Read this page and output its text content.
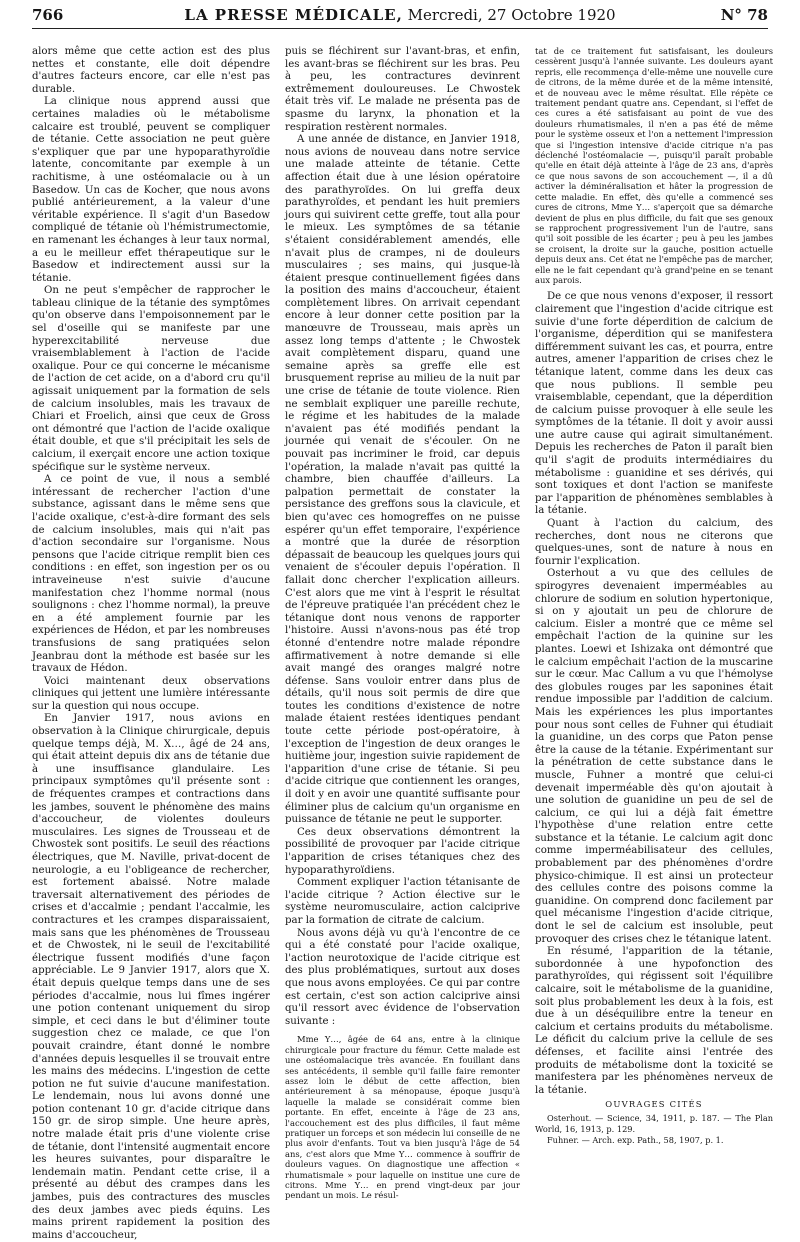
766	LA PRESSE MÉDICALE, Mercredi, 27 Octobre 1920	N° 78

alors même que cette action est des plus nettes et constante, elle doit dépendre d'autres facteurs encore, car elle n'est pas durable.

La clinique nous apprend aussi que certaines maladies où le métabolisme calcaire est troublé, peuvent se compliquer de tétanie. Cette association ne peut guère s'expliquer que par une hypoparathyroïdie latente, concomitante par exemple à un rachitisme, à une ostéomalacie ou à un Basedow. Un cas de Kocher, que nous avons publié antérieurement, a la valeur d'une véritable expérience. Il s'agit d'un Basedow compliqué de tétanie où l'hémistrumectomie, en ramenant les échanges à leur taux normal, a eu le meilleur effet thérapeutique sur le Basedow et indirectement aussi sur la tétanie.

On ne peut s'empêcher de rapprocher le tableau clinique de la tétanie des symptômes qu'on observe dans l'empoisonnement par le sel d'oseille qui se manifeste par une hyperexcitabilité nerveuse due vraisemblablement à l'action de l'acide oxalique. Pour ce qui concerne le mécanisme de l'action de cet acide, on a d'abord cru qu'il agissait uniquement par la formation de sels de calcium insolubles, mais les travaux de Chiari et Froelich, ainsi que ceux de Gross ont démontré que l'action de l'acide oxalique était double, et que s'il précipitait les sels de calcium, il exerçait encore une action toxique spécifique sur le système nerveux.

A ce point de vue, il nous a semblé intéressant de rechercher l'action d'une substance, agissant dans le même sens que l'acide oxalique, c'est-à-dire formant des sels de calcium insolubles, mais qui n'ait pas d'action secondaire sur l'organisme. Nous pensons que l'acide citrique remplit bien ces conditions : en effet, son ingestion per os ou intraveineuse n'est suivie d'aucune manifestation chez l'homme normal (nous soulignons : chez l'homme normal), la preuve en a été amplement fournie par les expériences de Hédon, et par les nombreuses transfusions de sang pratiquées selon Jeanbrau dont la méthode est basée sur les travaux de Hédon.

Voici maintenant deux observations cliniques qui jettent une lumière intéressante sur la question qui nous occupe.

En Janvier 1917, nous avions en observation à la Clinique chirurgicale, depuis quelque temps déjà, M. X…, âgé de 24 ans, qui était atteint depuis dix ans de tétanie due à une insuffisance glandulaire. Les principaux symptômes qu'il présente sont : de fréquentes crampes et contractions dans les jambes, souvent le phénomène des mains d'accoucheur, de violentes douleurs musculaires. Les signes de Trousseau et de Chwostek sont positifs. Le seuil des réactions électriques, que M. Naville, privat-docent de neurologie, a eu l'obligeance de rechercher, est fortement abaissé. Notre malade traversait alternativement des périodes de crises et d'accalmie ; pendant l'accalmie, les contractures et les crampes disparaissaient, mais sans que les phénomènes de Trousseau et de Chwostek, ni le seuil de l'excitabilité électrique fussent modifiés d'une façon appréciable. Le 9 Janvier 1917, alors que X. était depuis quelque temps dans une de ses périodes d'accalmie, nous lui fîmes ingérer une potion contenant uniquement du sirop simple, et ceci dans le but d'éliminer toute suggestion chez ce malade, ce que l'on pouvait craindre, étant donné le nombre d'années depuis lesquelles il se trouvait entre les mains des médecins. L'ingestion de cette potion ne fut suivie d'aucune manifestation. Le lendemain, nous lui avons donné une potion contenant 10 gr. d'acide citrique dans 150 gr. de sirop simple. Une heure après, notre malade était pris d'une violente crise de tétanie, dont l'intensité augmentait encore les heures suivantes, pour disparaître le lendemain matin. Pendant cette crise, il a présenté au début des crampes dans les jambes, puis des contractures des muscles des deux jambes avec pieds équins. Les mains prirent rapidement la position des mains d'accoucheur,

puis se fléchirent sur l'avant-bras, et enfin, les avant-bras se fléchirent sur les bras. Peu à peu, les contractures devinrent extrêmement douloureuses. Le Chwostek était très vif. Le malade ne présenta pas de spasme du larynx, la phonation et la respiration restèrent normales.

A une année de distance, en Janvier 1918, nous avions de nouveau dans notre service une malade atteinte de tétanie. Cette affection était due à une lésion opératoire des parathyroïdes. On lui greffa deux parathyroïdes, et pendant les huit premiers jours qui suivirent cette greffe, tout alla pour le mieux. Les symptômes de sa tétanie s'étaient considérablement amendés, elle n'avait plus de crampes, ni de douleurs musculaires ; ses mains, qui jusque-là étaient presque continuellement figées dans la position des mains d'accoucheur, étaient complètement libres. On arrivait cependant encore à leur donner cette position par la manœuvre de Trousseau, mais après un assez long temps d'attente ; le Chwostek avait complètement disparu, quand une semaine après sa greffe elle est brusquement reprise au milieu de la nuit par une crise de tétanie de toute violence. Rien ne semblait expliquer une pareille rechute, le régime et les habitudes de la malade n'avaient pas été modifiés pendant la journée qui venait de s'écouler. On ne pouvait pas incriminer le froid, car depuis l'opération, la malade n'avait pas quitté la chambre, bien chauffée d'ailleurs. La palpation permettait de constater la persistance des greffons sous la clavicule, et bien qu'avec ces homogreffes on ne puisse espérer qu'un effet temporaire, l'expérience a montré que la durée de résorption dépassait de beaucoup les quelques jours qui venaient de s'écouler depuis l'opération. Il fallait donc chercher l'explication ailleurs. C'est alors que me vint à l'esprit le résultat de l'épreuve pratiquée l'an précédent chez le tétanique dont nous venons de rapporter l'histoire. Aussi n'avons-nous pas été trop étonné d'entendre notre malade répondre affirmativement à notre demande si elle avait mangé des oranges malgré notre défense. Sans vouloir entrer dans plus de détails, qu'il nous soit permis de dire que toutes les conditions d'existence de notre malade étaient restées identiques pendant toute cette période post-opératoire, à l'exception de l'ingestion de deux oranges le huitième jour, ingestion suivie rapidement de l'apparition d'une crise de tétanie. Si peu d'acide citrique que contiennent les oranges, il doit y en avoir une quantité suffisante pour éliminer plus de calcium qu'un organisme en puissance de tétanie ne peut le supporter.

Ces deux observations démontrent la possibilité de provoquer par l'acide citrique l'apparition de crises tétaniques chez des hypoparathyroïdiens.

Comment expliquer l'action tétanisante de l'acide citrique ? Action élective sur le système neuromusculaire, action calciprive par la formation de citrate de calcium.

Nous avons déjà vu qu'à l'encontre de ce qui a été constaté pour l'acide oxalique, l'action neurotoxique de l'acide citrique est des plus problématiques, surtout aux doses que nous avons employées. Ce qui par contre est certain, c'est son action calciprive ainsi qu'il ressort avec évidence de l'observation suivante :

Mme Y…, âgée de 64 ans, entre à la clinique chirurgicale pour fracture du fémur. Cette malade est une ostéomalacique très avancée. En fouillant dans ses antécédents, il semble qu'il faille faire remonter assez loin le début de cette affection, bien antérieurement à sa ménopause, époque jusqu'à laquelle la malade se considérait comme bien portante. En effet, enceinte à l'âge de 23 ans, l'accouchement est des plus difficiles, il faut même pratiquer un forceps et son médecin lui conseille de ne plus avoir d'enfants. Tout va bien jusqu'à l'âge de 54 ans, c'est alors que Mme Y… commence à souffrir de douleurs vagues. On diagnostique une affection « rhumatismale » pour laquelle on institue une cure de citrons. Mme Y… en prend vingt-deux par jour pendant un mois. Le résul-

tat de ce traitement fut satisfaisant, les douleurs cessèrent jusqu'à l'année suivante. Les douleurs ayant repris, elle recommença d'elle-même une nouvelle cure de citrons, de la même durée et de la même intensité, et de nouveau avec le même résultat. Elle répète ce traitement pendant quatre ans. Cependant, si l'effet de ces cures a été satisfaisant au point de vue des douleurs rhumatismales, il n'en a pas été de même pour le système osseux et l'on a nettement l'impression que si l'ingestion intensive d'acide citrique n'a pas déclenché l'ostéomalacie —, puisqu'il paraît probable qu'elle en était déjà atteinte à l'âge de 23 ans, d'après ce que nous savons de son accouchement —, il a dû activer la déminéralisation et hâter la progression de cette maladie. En effet, dès qu'elle a commencé ses cures de citrons, Mme Y… s'aperçoit que sa démarche devient de plus en plus difficile, du fait que ses genoux se rapprochent progressivement l'un de l'autre, sans qu'il soit possible de les écarter ; peu à peu les jambes se croisent, la droite sur la gauche, position actuelle depuis deux ans. Cet état ne l'empêche pas de marcher, elle ne le fait cependant qu'à grand'peine en se tenant aux parois.

De ce que nous venons d'exposer, il ressort clairement que l'ingestion d'acide citrique est suivie d'une forte déperdition de calcium de l'organisme, déperdition qui se manifestera différemment suivant les cas, et pourra, entre autres, amener l'apparition de crises chez le tétanique latent, comme dans les deux cas que nous publions. Il semble peu vraisemblable, cependant, que la déperdition de calcium puisse provoquer à elle seule les symptômes de la tétanie. Il doit y avoir aussi une autre cause qui agirait simultanément. Depuis les recherches de Paton il paraît bien qu'il s'agit de produits intermédiaires du métabolisme : guanidine et ses dérivés, qui sont toxiques et dont l'action se manifeste par l'apparition de phénomènes semblables à la tétanie.

Quant à l'action du calcium, des recherches, dont nous ne citerons que quelques-unes, sont de nature à nous en fournir l'explication.

Osterhout a vu que des cellules de spirogyres devenaient imperméables au chlorure de sodium en solution hypertonique, si on y ajoutait un peu de chlorure de calcium. Eisler a montré que ce même sel empêchait l'action de la quinine sur les plantes. Loewi et Ishizaka ont démontré que le calcium empêchait l'action de la muscarine sur le cœur. Mac Callum a vu que l'hémolyse des globules rouges par les saponines était rendue impossible par l'addition de calcium. Mais les expériences les plus importantes pour nous sont celles de Fuhner qui étudiait la guanidine, un des corps que Paton pense être la cause de la tétanie. Expérimentant sur la pénétration de cette substance dans le muscle, Fuhner a montré que celui-ci devenait imperméable dès qu'on ajoutait à une solution de guanidine un peu de sel de calcium, ce qui lui a déjà fait émettre l'hypothèse d'une relation entre cette substance et la tétanie. Le calcium agit donc comme imperméabilisateur des cellules, probablement par des phénomènes d'ordre physico-chimique. Il est ainsi un protecteur des cellules contre des poisons comme la guanidine. On comprend donc facilement par quel mécanisme l'ingestion d'acide citrique, dont le sel de calcium est insoluble, peut provoquer des crises chez le tétanique latent.

En résumé, l'apparition de la tétanie, subordonnée à une hypofonction des parathyroïdes, qui régissent soit l'équilibre calcaire, soit le métabolisme de la guanidine, soit plus probablement les deux à la fois, est due à un déséquilibre entre la teneur en calcium et certains produits du métabolisme. Le déficit du calcium prive la cellule de ses défenses, et facilite ainsi l'entrée des produits de métabolisme dont la toxicité se manifestera par les phénomènes nerveux de la tétanie.

OUVRAGES CITÉS

Osterhout. — Science, 34, 1911, p. 187. — The Plan World, 16, 1913, p. 129.

Fuhner. — Arch. exp. Path., 58, 1907, p. 1.
